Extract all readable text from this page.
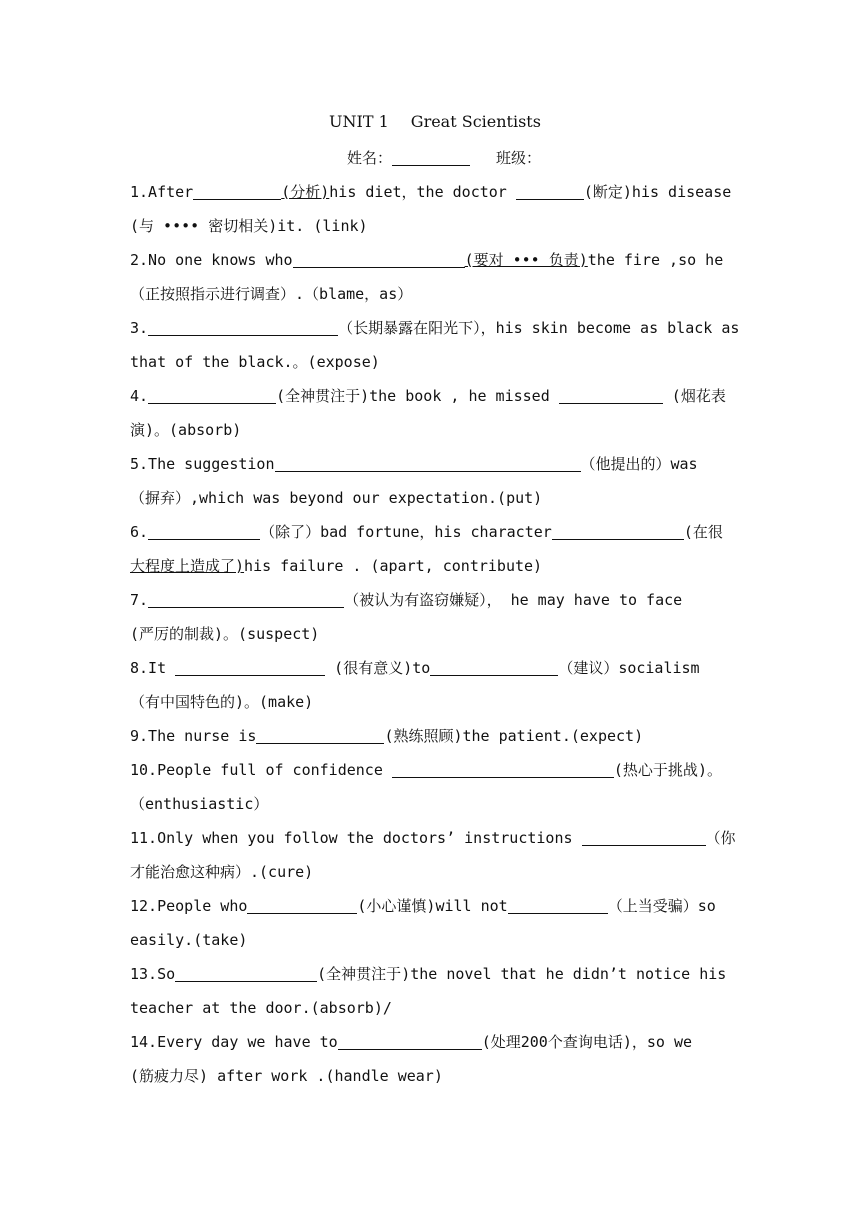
UNIT 1 Great Scientists
姓名：	班级：
1.After	(分析)his diet，the doctor	(断定)his disease
(与 •••• 密切相关)it. (link)
2.No one knows who	(要对 ••• 负责)the fire ,so he
（正按照指示进行调查）.（blame，as）
3.	（长期暴露在阳光下），his skin become as black as
that of the black.。(expose)
4.	(全神贯注于)the book , he missed	(烟花表
演)。(absorb)
5.The suggestion	（他提出的）was
（摒弃）,which was beyond our expectation.(put)
6.	（除了）bad fortune，his character	(在很
大程度上造成了)his failure . (apart, contribute)
7.	（被认为有盗窃嫌疑）， he may have to face
(严厉的制裁)。(suspect)
8.It	(很有意义)to	（建议）socialism
（有中国特色的)。(make)
9.The nurse is	(熟练照顾)the patient.(expect)
10.People full of confidence	(热心于挑战)。
（enthusiastic）
11.Only when you follow the doctors’ instructions	（你
才能治愈这种病）.(cure)
12.People who	(小心谨慎)will not	（上当受骗）so
easily.(take)
13.So	(全神贯注于)the novel that he didn’t notice his
teacher at the door.(absorb)/
14.Every day we have to	(处理200个查询电话)，so we
(筋疲力尽) after work .(handle wear)
